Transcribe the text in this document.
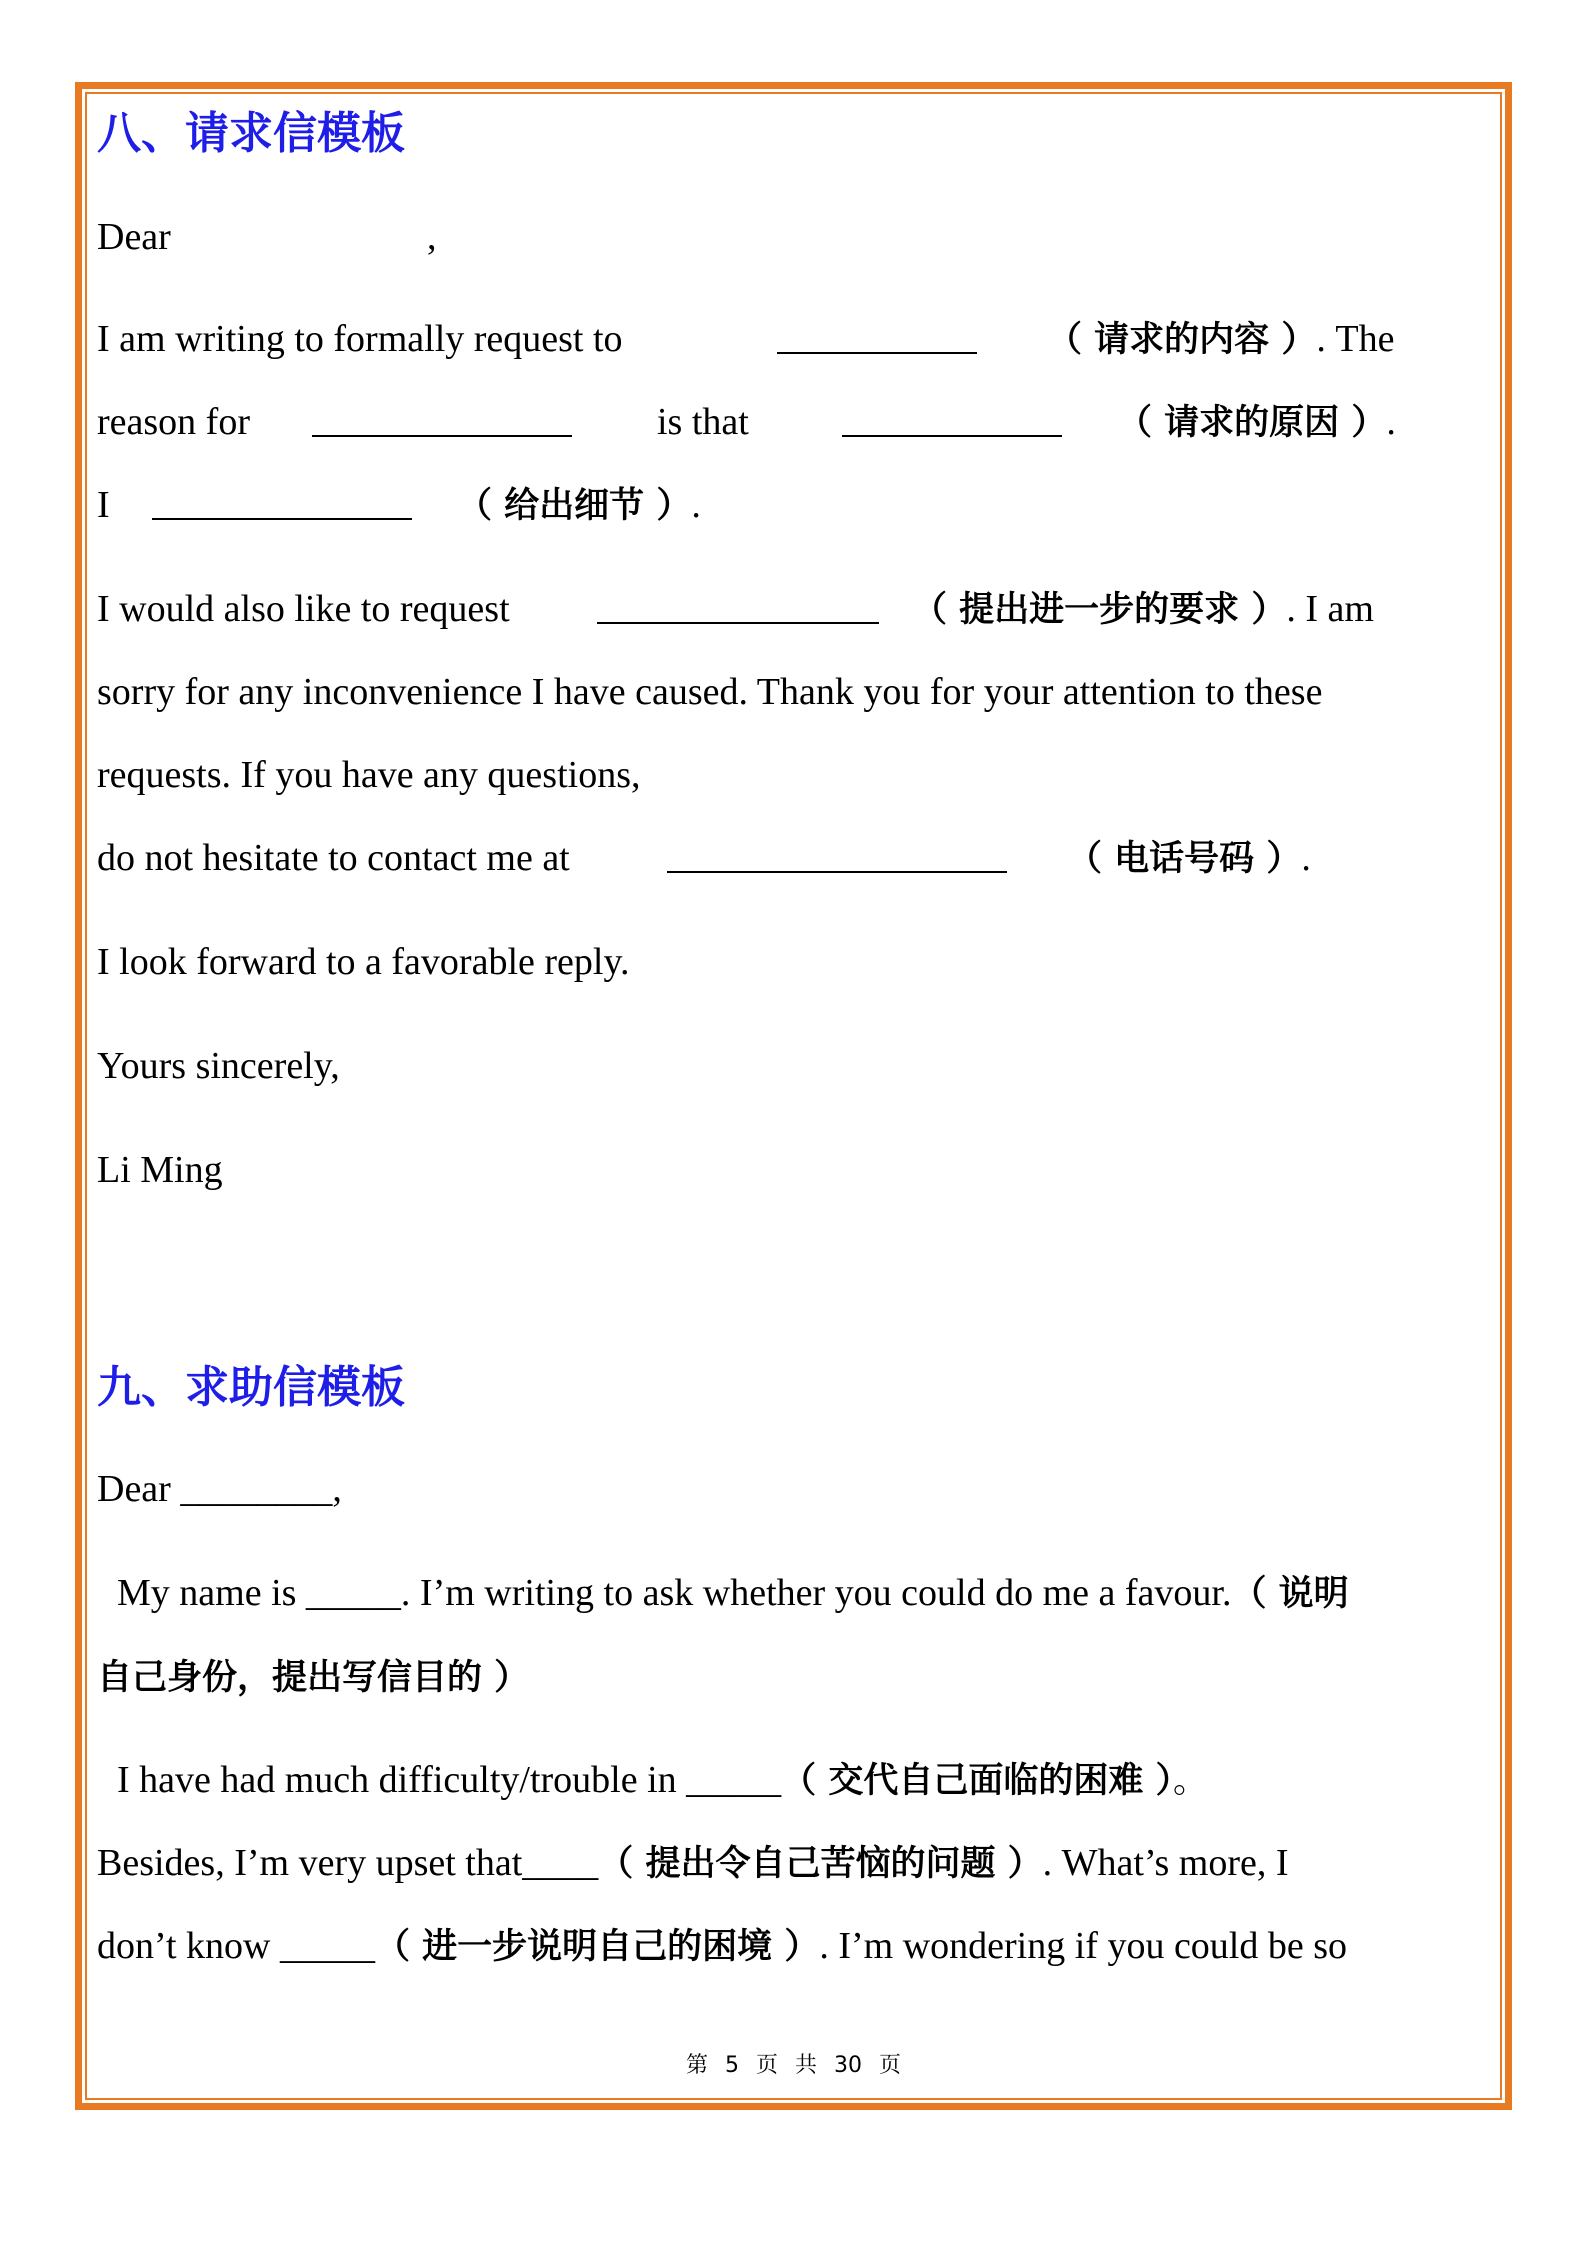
八、请求信模板
Dear	,
I am writing to formally request to	（ 请求的内容 ）. The
reason for	is that	（ 请求的原因 ）.
I	（ 给出细节 ）.
I would also like to request	（ 提出进一步的要求 ）. I am
sorry for any inconvenience I have caused. Thank you for your attention to these
requests. If you have any questions,
do not hesitate to contact me at	（ 电话号码 ）.
I look forward to a favorable reply.
Yours sincerely,
Li Ming
九、求助信模板
Dear ________,
My name is _____. I’m writing to ask whether you could do me a favour.（ 说明
自己身份，提出写信目的 ）
I have had much difficulty/trouble in _____（ 交代自己面临的困难 ）。
Besides, I’m very upset that____（ 提出令自己苦恼的问题 ）. What’s more, I
don’t know _____（ 进一步说明自己的困境 ）. I’m wondering if you could be so
第 5 页 共 30 页
